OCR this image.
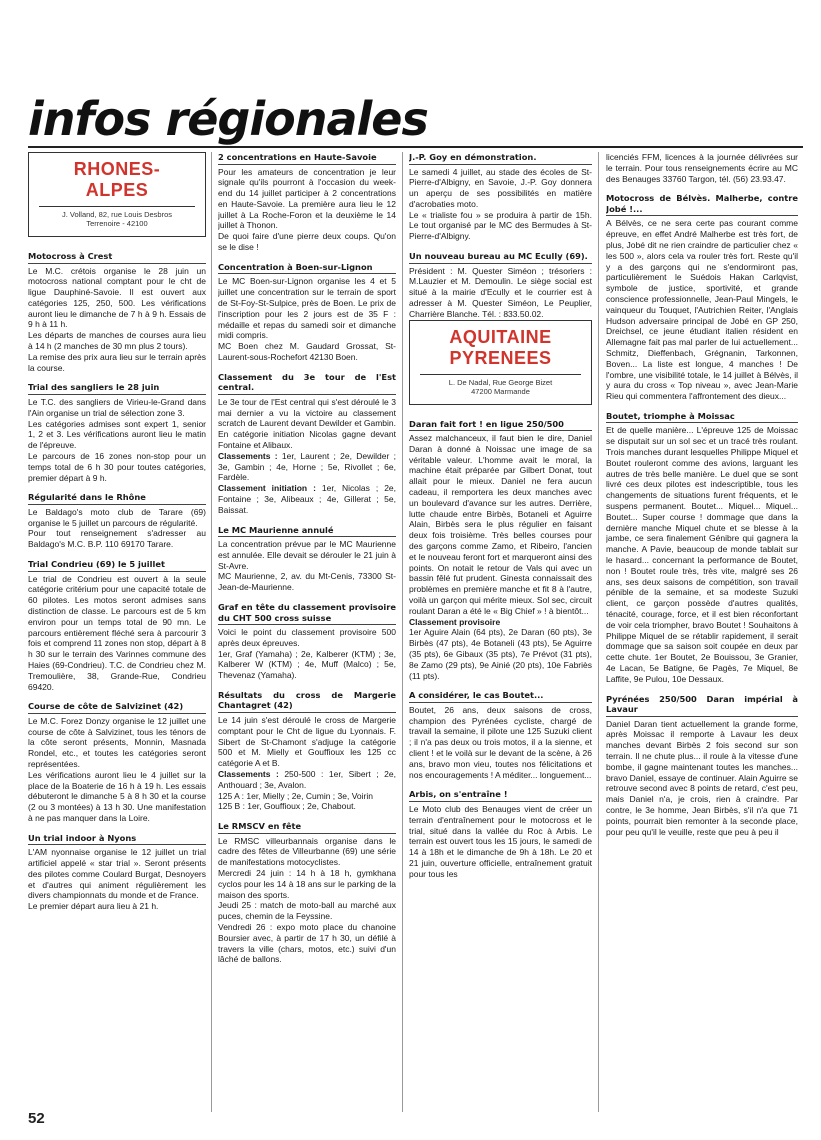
infos régionales
RHONES-
ALPES
J. Volland, 82, rue Louis Desbros
Terrenoire - 42100
Motocross à Crest
Le M.C. crétois organise le 28 juin un motocross national comptant pour le cht de ligue Dauphiné-Savoie. Il est ouvert aux catégories 125, 250, 500. Les vérifications auront lieu le dimanche de 7 h à 9 h. Essais de 9 h à 11 h.
Les départs de manches de courses aura lieu à 14 h (2 manches de 30 mn plus 2 tours).
La remise des prix aura lieu sur le terrain après la course.
Trial des sangliers le 28 juin
Le T.C. des sangliers de Virieu-le-Grand dans l'Ain organise un trial de sélection zone 3.
Les catégories admises sont expert 1, senior 1, 2 et 3. Les vérifications auront lieu le matin de l'épreuve.
Le parcours de 16 zones non-stop pour un temps total de 6 h 30 pour toutes catégories, premier départ à 9 h.
Régularité dans le Rhône
Le Baldago's moto club de Tarare (69) organise le 5 juillet un parcours de régularité.
Pour tout renseignement s'adresser au Baldago's M.C. B.P. 110 69170 Tarare.
Trial Condrieu (69) le 5 juillet
Le trial de Condrieu est ouvert à la seule catégorie critérium pour une capacité totale de 60 pilotes. Les motos seront admises sans distinction de classe. Le parcours est de 5 km environ pour un temps total de 90 mn. Le parcours entièrement fléché sera à parcourir 3 fois et comprend 11 zones non stop, départ à 8 h 30 sur le terrain des Varinnes commune des Haies (69-Condrieu). T.C. de Condrieu chez M. Tremoulière, 38, Grande-Rue, Condrieu 69420.
Course de côte de Salvizinet (42)
Le M.C. Forez Donzy organise le 12 juillet une course de côte à Salvizinet, tous les ténors de la côte seront présents, Monnin, Masnada Rondel, etc., et toutes les catégories seront représentées.
Les vérifications auront lieu le 4 juillet sur la place de la Boaterie de 16 h à 19 h. Les essais débuteront le dimanche 5 à 8 h 30 et la course (2 ou 3 montées) à 13 h 30. Une manifestation à ne pas manquer dans la Loire.
Un trial indoor à Nyons
L'AM nyonnaise organise le 12 juillet un trial artificiel appelé « star trial ». Seront présents des pilotes comme Coulard Burgat, Desnoyers et d'autres qui animent régulièrement les divers championnats du monde et de France.
Le premier départ aura lieu à 21 h.
2 concentrations en Haute-Savoie
Pour les amateurs de concentration je leur signale qu'ils pourront à l'occasion du week-end du 14 juillet participer à 2 concentrations en Haute-Savoie. La première aura lieu le 12 juillet à La Roche-Foron et la deuxième le 14 juillet à Thonon.
De quoi faire d'une pierre deux coups. Qu'on se le dise !
Concentration à Boen-sur-Lignon
Le MC Boen-sur-Lignon organise les 4 et 5 juillet une concentration sur le terrain de sport de St-Foy-St-Sulpice, près de Boen. Le prix de l'inscription pour les 2 jours est de 35 F : médaille et repas du samedi soir et dimanche midi compris.
MC Boen chez M. Gaudard Grossat, St-Laurent-sous-Rochefort 42130 Boen.
Classement du 3e tour de l'Est central.
Le 3e tour de l'Est central qui s'est déroulé le 3 mai dernier a vu la victoire au classement scratch de Laurent devant Dewilder et Gambin. En catégorie initiation Nicolas gagne devant Fontaine et Alibaux.
Classements : 1er, Laurent ; 2e, Dewilder ; 3e, Gambin ; 4e, Horne ; 5e, Rivollet ; 6e, Fardèle.
Classement initiation : 1er, Nicolas ; 2e, Fontaine ; 3e, Alibeaux ; 4e, Gillerat ; 5e, Baissat.
Le MC Maurienne annulé
La concentration prévue par le MC Maurienne est annulée. Elle devait se dérouler le 21 juin à St-Avre.
MC Maurienne, 2, av. du Mt-Cenis, 73300 St-Jean-de-Maurienne.
Graf en tête du classement provisoire du CHT 500 cross suisse
Voici le point du classement provisoire 500 après deux épreuves.
1er, Graf (Yamaha) ; 2e, Kalberer (KTM) ; 3e, Kalberer W (KTM) ; 4e, Muff (Malco) ; 5e, Thevenaz (Yamaha).
Résultats du cross de Margerie Chantagret (42)
Le 14 juin s'est déroulé le cross de Margerie comptant pour le Cht de ligue du Lyonnais. F. Sibert de St-Chamont s'adjuge la catégorie 500 et M. Mielly et Gouffioux les 125 cc catégorie A et B.
Classements : 250-500 : 1er, Sibert ; 2e, Anthouard ; 3e, Avalon.
125 A : 1er, Mielly ; 2e, Cumin ; 3e, Voirin
125 B : 1er, Gouffioux ; 2e, Chabout.
Le RMSCV en fête
Le RMSC villeurbannais organise dans le cadre des fêtes de Villeurbanne (69) une série de manifestations motocyclistes.
Mercredi 24 juin : 14 h à 18 h, gymkhana cyclos pour les 14 à 18 ans sur le parking de la maison des sports.
Jeudi 25 : match de moto-ball au marché aux puces, chemin de la Feyssine.
Vendredi 26 : expo moto place du chanoine Boursier avec, à partir de 17 h 30, un défilé à travers la ville (chars, motos, etc.) suivi d'un lâché de ballons.
J.-P. Goy en démonstration.
Le samedi 4 juillet, au stade des écoles de St-Pierre-d'Albigny, en Savoie, J.-P. Goy donnera un aperçu de ses possibilités en matière d'acrobaties moto.
Le « trialiste fou » se produira à partir de 15h. Le tout organisé par le MC des Bermudes à St-Pierre-d'Albigny.
Un nouveau bureau au MC Ecully (69).
Président : M. Quester Siméon ; trésoriers : M.Lauzier et M. Demoulin. Le siège social est situé à la mairie d'Ecully et le courrier est à adresser à M. Quester Siméon, Le Peuplier, Charrière Blanche. Tél. : 833.50.02.
AQUITAINE
PYRENEES
L. De Nadal, Rue George Bizet
47200 Marmande
Daran fait fort ! en ligue 250/500
Assez malchanceux, il faut bien le dire, Daniel Daran à donné à Noissac une image de sa véritable valeur. L'homme avait le moral, la machine était préparée par Gilbert Donat, tout allait pour le mieux. Daniel ne fera aucun cadeau, il remportera les deux manches avec un boulevard d'avance sur les autres. Derrière, lutte chaude entre Birbès, Botaneli et Aguirre Alain, Birbès sera le plus régulier en faisant deux fois troisième. Très belles courses pour des garçons comme Zamo, et Ribeiro, l'ancien et le nouveau feront fort et marqueront ainsi des points. On notait le retour de Vals qui avec un bassin fêlé fut prudent. Ginesta connaissait des problèmes en première manche et fit 8 à l'autre, voilà un garçon qui mérite mieux. Sol sec, circuit roulant Daran a été le « Big Chief » ! à bientôt...
Classement provisoire
1er Aguire Alain (64 pts), 2e Daran (60 pts), 3e Birbès (47 pts), 4e Botaneli (43 pts), 5e Aguirre (35 pts), 6e Gibaux (35 pts), 7e Prévot (31 pts), 8e Zamo (29 pts), 9e Ainié (20 pts), 10e Fabriès (11 pts).
A considérer, le cas Boutet...
Boutet, 26 ans, deux saisons de cross, champion des Pyrénées cycliste, chargé de travail la semaine, il pilote une 125 Suzuki client ; il n'a pas deux ou trois motos, il a la sienne, et client ! et le voilà sur le devant de la scène, à 26 ans, bravo mon vieu, toutes nos félicitations et nos encouragements ! A méditer... longuement...
Arbis, on s'entraîne !
Le Moto club des Benauges vient de créer un terrain d'entraînement pour le motocross et le trial, situé dans la vallée du Roc à Arbis. Le terrain est ouvert tous les 15 jours, le samedi de 14 à 18h et le dimanche de 9h à 18h. Le 20 et 21 juin, ouverture officielle, entraînement gratuit pour tous les
licenciés FFM, licences à la journée délivrées sur le terrain. Pour tous renseignements écrire au MC des Benauges 33760 Targon, tél. (56) 23.93.47.
Motocross de Bélvès. Malherbe, contre Jobé !...
A Bélvès, ce ne sera certe pas courant comme épreuve, en effet André Malherbe est très fort, de plus, Jobé dit ne rien craindre de particulier chez « les 500 », alors cela va rouler très fort. Reste qu'il y a des garçons qui ne s'endormiront pas, particulièrement le Suédois Hakan Carlqvist, symbole de justice, sportivité, et grande conscience professionnelle, Jean-Paul Mingels, le vainqueur du Touquet, l'Autrichien Reiter, l'Anglais Hudson adversaire principal de Jobé en GP 250, Dreichsel, ce jeune étudiant italien résident en Allemagne fait pas mal parler de lui actuellement... Schmitz, Dieffenbach, Grégnanin, Tarkonnen, Boven... La liste est longue, 4 manches ! De l'ombre, une visibilité totale, le 14 juillet à Bélvès, il y aura du cross « Top niveau », avec Jean-Marie Rieu qui commentera l'affrontement des dieux...
Boutet, triomphe à Moissac
Et de quelle manière... L'épreuve 125 de Moissac se disputait sur un sol sec et un tracé très roulant. Trois manches durant lesquelles Philippe Miquel et Boutet rouleront comme des avions, larguant les autres de très belle manière. Le duel que se sont livré ces deux pilotes est indescriptible, tous les changements de situations furent fréquents, et le suspens permanent. Boutet... Miquel... Miquel... Boutet... Super course ! dommage que dans la dernière manche Miquel chute et se blesse à la jambe, ce sera finalement Génibre qui gagnera la manche. A Pavie, beaucoup de monde tablait sur le hasard... concernant la performance de Boutet, non ! Boutet roule très, très vite, malgré ses 26 ans, ses deux saisons de compétition, son travail pénible de la semaine, et sa modeste Suzuki client, ce garçon possède d'autres qualités, ténacité, courage, force, et il est bien réconfortant de voir cela triompher, bravo Boutet ! Souhaitons à Philippe Miquel de se rétablir rapidement, il serait dommage que sa saison soit coupée en deux par cette chute. 1er Boutet, 2e Bouissou, 3e Granier, 4e Lacan, 5e Batigne, 6e Pagès, 7e Miquel, 8e Laffite, 9e Pulou, 10e Dessaux.
Pyrénées 250/500 Daran impérial à Lavaur
Daniel Daran tient actuellement la grande forme, après Moissac il remporte à Lavaur les deux manches devant Birbès 2 fois second sur son terrain. Il ne chute plus... il roule à la vitesse d'une bombe, il gagne maintenant toutes les manches... bravo Daniel, essaye de continuer. Alain Aguirre se retrouve second avec 8 points de retard, c'est peu, mais Daniel n'a, je crois, rien à craindre. Par contre, le 3e homme, Jean Birbès, s'il n'a que 71 points, pourrait bien remonter à la seconde place, pour peu qu'il le veuille, reste que peu à peu il
52
